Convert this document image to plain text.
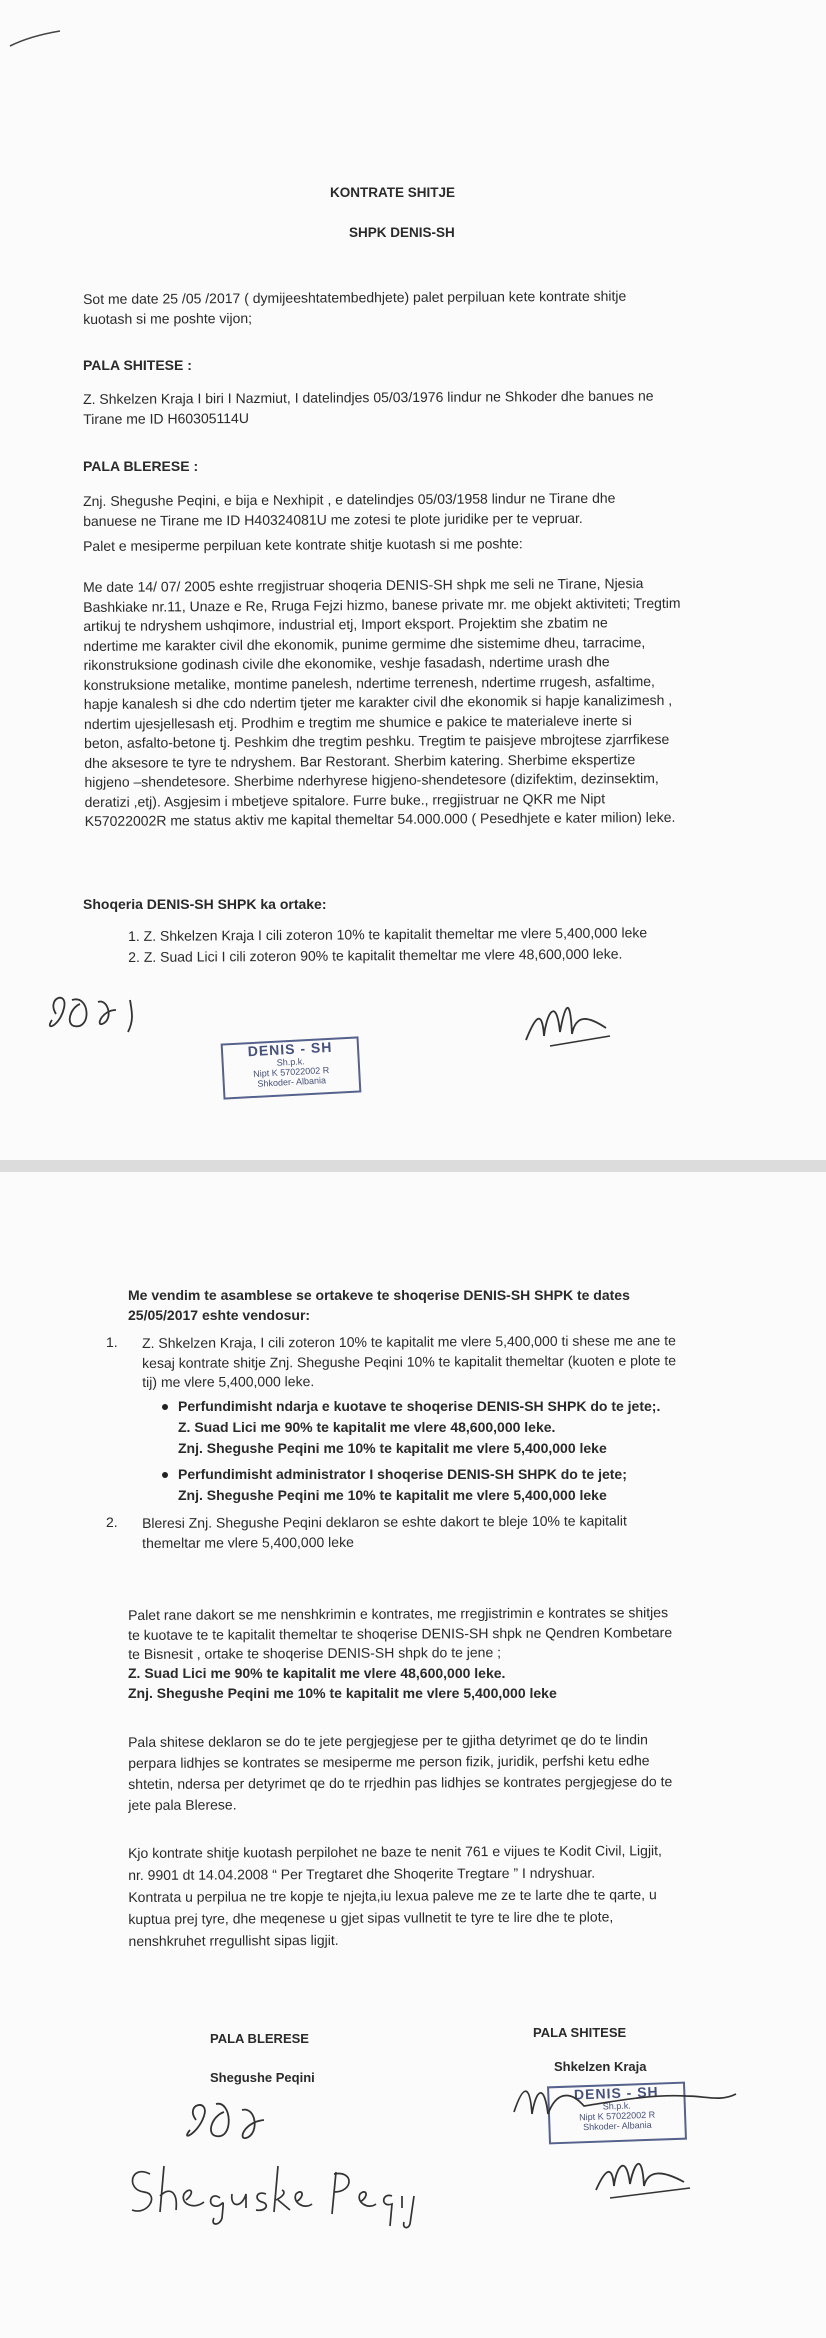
KONTRATE SHITJE
SHPK DENIS-SH
Sot me date 25 /05 /2017 ( dymijeeshtatembedhjete) palet perpiluan kete kontrate shitje
kuotash si me poshte vijon;
PALA SHITESE :
Z. Shkelzen Kraja I biri I Nazmiut, I datelindjes 05/03/1976 lindur ne Shkoder dhe banues ne
Tirane me ID H60305114U
PALA BLERESE :
Znj. Shegushe Peqini, e bija e Nexhipit , e datelindjes 05/03/1958 lindur ne Tirane dhe
banuese ne Tirane me ID H40324081U me zotesi te plote juridike per te vepruar.
Palet e mesiperme perpiluan kete kontrate shitje kuotash si me poshte:
Me date 14/ 07/ 2005 eshte rregjistruar shoqeria DENIS-SH shpk me seli ne Tirane, Njesia
Bashkiake nr.11, Unaze e Re, Rruga Fejzi hizmo, banese private mr. me objekt aktiviteti; Tregtim
artikuj te ndryshem ushqimore, industrial etj, Import eksport. Projektim she zbatim ne
ndertime me karakter civil dhe ekonomik, punime germime dhe sistemime dheu, tarracime,
rikonstruksione godinash civile dhe ekonomike, veshje fasadash, ndertime urash dhe
konstruksione metalike, montime panelesh, ndertime terrenesh, ndertime rrugesh, asfaltime,
hapje kanalesh si dhe cdo ndertim tjeter me karakter civil dhe ekonomik si hapje kanalizimesh ,
ndertim ujesjellesash etj. Prodhim e tregtim me shumice e pakice te materialeve inerte si
beton, asfalto-betone tj. Peshkim dhe tregtim peshku. Tregtim te paisjeve mbrojtese zjarrfikese
dhe aksesore te tyre te ndryshem. Bar Restorant. Sherbim katering. Sherbime ekspertize
higjeno –shendetesore. Sherbime nderhyrese higjeno-shendetesore (dizifektim, dezinsektim,
deratizi ,etj). Asgjesim i mbetjeve spitalore. Furre buke., rregjistruar ne QKR me Nipt
K57022002R me status aktiv me kapital themeltar 54.000.000 ( Pesedhjete e kater milion) leke.
Shoqeria DENIS-SH SHPK ka ortake:
1. Z. Shkelzen Kraja I cili zoteron 10% te kapitalit themeltar me vlere 5,400,000 leke
2. Z. Suad Lici I cili zoteron 90% te kapitalit themeltar me vlere 48,600,000 leke.
DENIS - SH
Sh.p.k.
Nipt K 57022002 R
Shkoder- Albania
Me vendim te asamblese se ortakeve te shoqerise DENIS-SH SHPK te dates
25/05/2017 eshte vendosur:
1. Z. Shkelzen Kraja, I cili zoteron 10% te kapitalit me vlere 5,400,000 ti shese me ane te
kesaj kontrate shitje Znj. Shegushe Peqini 10% te kapitalit themeltar (kuoten e plote te
tij) me vlere 5,400,000 leke.
Perfundimisht ndarja e kuotave te shoqerise DENIS-SH SHPK do te jete;.
Z. Suad Lici me 90% te kapitalit me vlere 48,600,000 leke.
Znj. Shegushe Peqini me 10% te kapitalit me vlere 5,400,000 leke
Perfundimisht administrator I shoqerise DENIS-SH SHPK do te jete;
Znj. Shegushe Peqini me 10% te kapitalit me vlere 5,400,000 leke
2. Bleresi Znj. Shegushe Peqini deklaron se eshte dakort te bleje 10% te kapitalit
themeltar me vlere 5,400,000 leke
Palet rane dakort se me nenshkrimin e kontrates, me rregjistrimin e kontrates se shitjes
te kuotave te te kapitalit themeltar te shoqerise DENIS-SH shpk ne Qendren Kombetare
te Bisnesit , ortake te shoqerise DENIS-SH shpk do te jene ;
Z. Suad Lici me 90% te kapitalit me vlere 48,600,000 leke.
Znj. Shegushe Peqini me 10% te kapitalit me vlere 5,400,000 leke
Pala shitese deklaron se do te jete pergjegjese per te gjitha detyrimet qe do te lindin
perpara lidhjes se kontrates se mesiperme me person fizik, juridik, perfshi ketu edhe
shtetin, ndersa per detyrimet qe do te rrjedhin pas lidhjes se kontrates pergjegjese do te
jete pala Bleresе.
Kjo kontrate shitje kuotash perpilohet ne baze te nenit 761 e vijues te Kodit Civil, Ligjit,
nr. 9901 dt 14.04.2008 “ Per Tregtaret dhe Shoqerite Tregtare ” I ndryshuar.
Kontrata u perpilua ne tre kopje te njejta,iu lexua paleve me ze te larte dhe te qarte, u
kuptua prej tyre, dhe meqenese u gjet sipas vullnetit te tyre te lire dhe te plote,
nenshkruhet rregullisht sipas ligjit.
PALA BLERESE
Shegushe Peqini
PALA SHITESE
Shkelzen Kraja
DENIS - SH
Sh.p.k.
Nipt K 57022002 R
Shkoder- Albania
